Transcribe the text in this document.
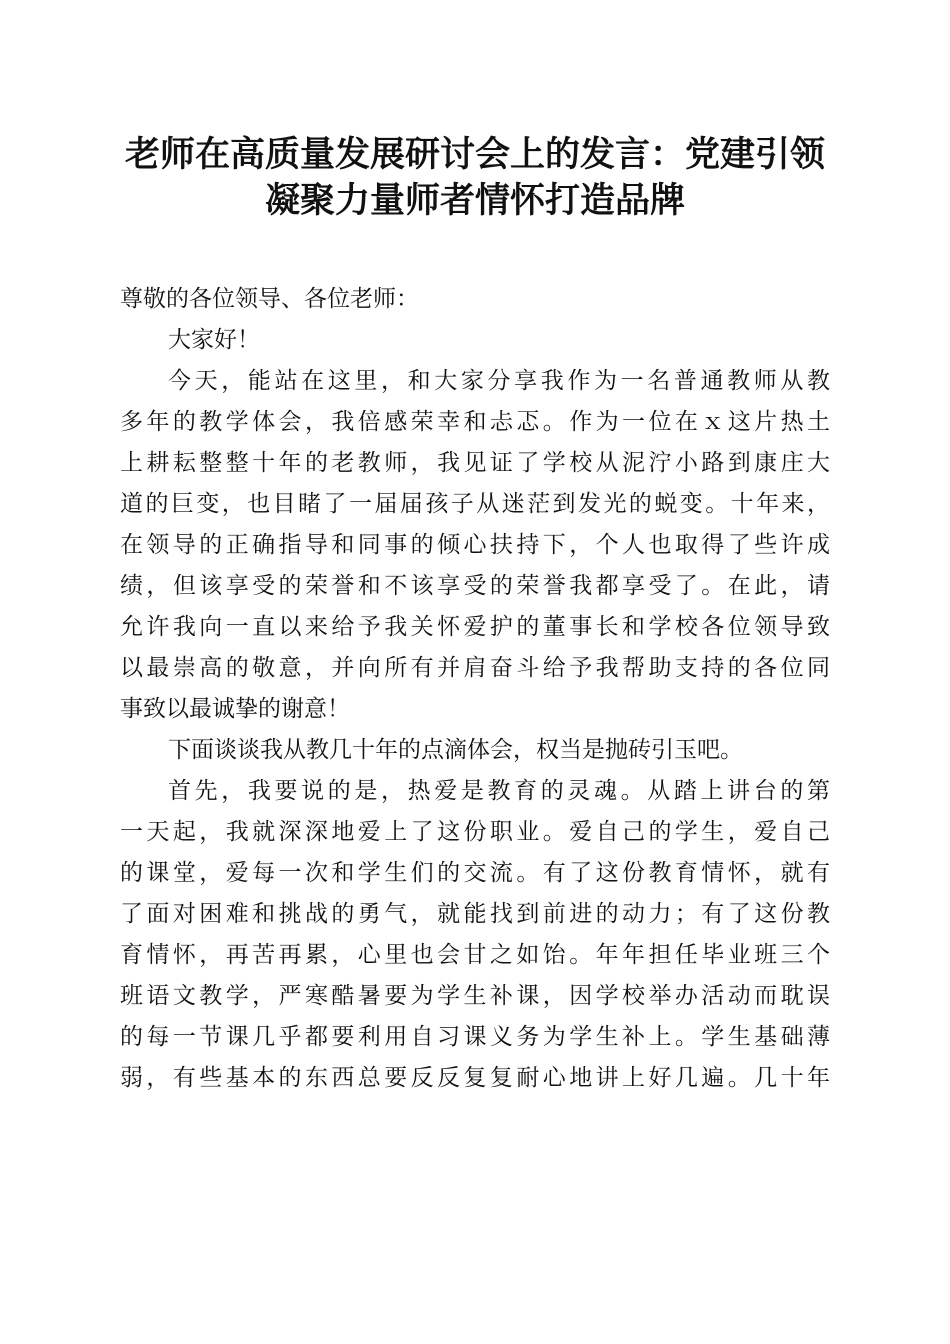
老师在高质量发展研讨会上的发言：党建引领
凝聚力量师者情怀打造品牌
尊敬的各位领导、各位老师：
大家好！
今天，能站在这里，和大家分享我作为一名普通教师从教
多年的教学体会，我倍感荣幸和忐忑。作为一位在ｘ这片热土
上耕耘整整十年的老教师，我见证了学校从泥泞小路到康庄大
道的巨变，也目睹了一届届孩子从迷茫到发光的蜕变。十年来，
在领导的正确指导和同事的倾心扶持下，个人也取得了些许成
绩，但该享受的荣誉和不该享受的荣誉我都享受了。在此，请
允许我向一直以来给予我关怀爱护的董事长和学校各位领导致
以最崇高的敬意，并向所有并肩奋斗给予我帮助支持的各位同
事致以最诚挚的谢意！
下面谈谈我从教几十年的点滴体会，权当是抛砖引玉吧。
首先，我要说的是，热爱是教育的灵魂。从踏上讲台的第
一天起，我就深深地爱上了这份职业。爱自己的学生，爱自己
的课堂，爱每一次和学生们的交流。有了这份教育情怀，就有
了面对困难和挑战的勇气，就能找到前进的动力；有了这份教
育情怀，再苦再累，心里也会甘之如饴。年年担任毕业班三个
班语文教学，严寒酷暑要为学生补课，因学校举办活动而耽误
的每一节课几乎都要利用自习课义务为学生补上。学生基础薄
弱，有些基本的东西总要反反复复耐心地讲上好几遍。几十年
